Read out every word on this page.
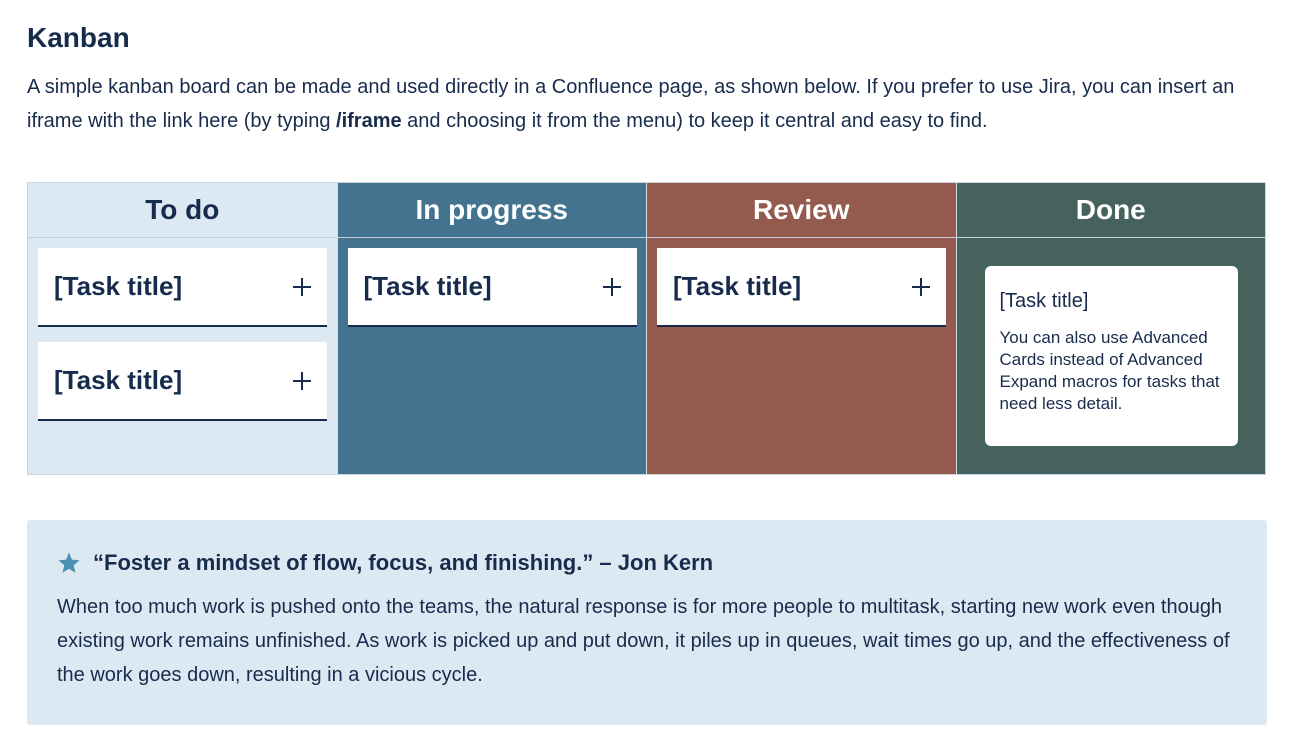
Kanban

A simple kanban board can be made and used directly in a Confluence page, as shown below. If you prefer to use Jira, you can insert an iframe with the link here (by typing /iframe and choosing it from the menu) to keep it central and easy to find.

To do
[Task title]
[Task title]
In progress
[Task title]
Review
[Task title]
Done
[Task title]
You can also use Advanced Cards instead of Advanced Expand macros for tasks that need less detail.
“Foster a mindset of flow, focus, and finishing.” – Jon Kern

When too much work is pushed onto the teams, the natural response is for more people to multitask, starting new work even though existing work remains unfinished. As work is picked up and put down, it piles up in queues, wait times go up, and the effectiveness of the work goes down, resulting in a vicious cycle.
